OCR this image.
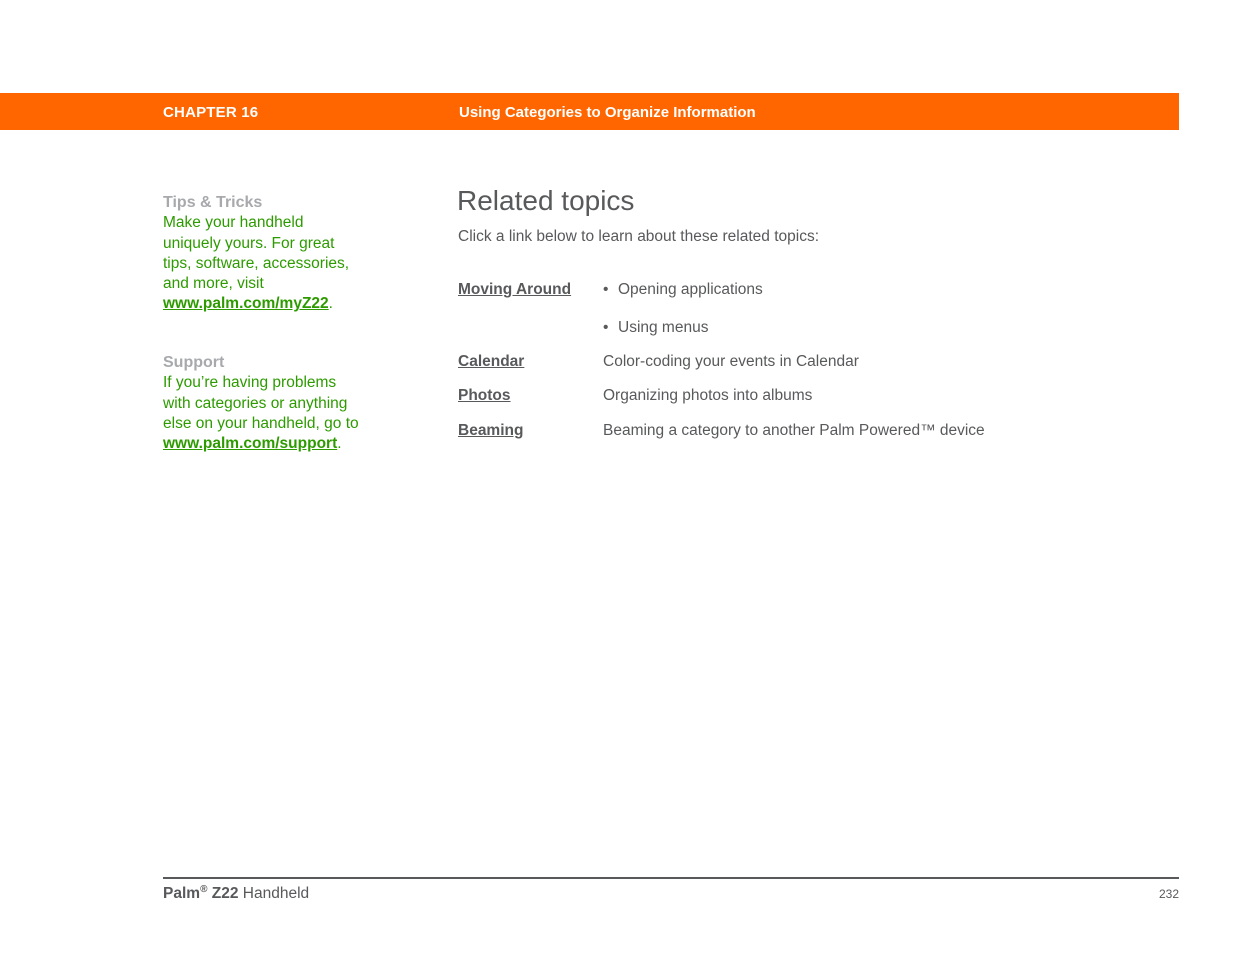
CHAPTER 16	Using Categories to Organize Information
Tips & Tricks
Make your handheld
uniquely yours. For great
tips, software, accessories,
and more, visit
www.palm.com/myZ22.
Support
If you’re having problems
with categories or anything
else on your handheld, go to
www.palm.com/support.
Related topics
Click a link below to learn about these related topics:
Moving Around • Opening applications
• Using menus
Calendar	Color-coding your events in Calendar
Photos	Organizing photos into albums
Beaming	Beaming a category to another Palm Powered™ device
Palm® Z22 Handheld	232
